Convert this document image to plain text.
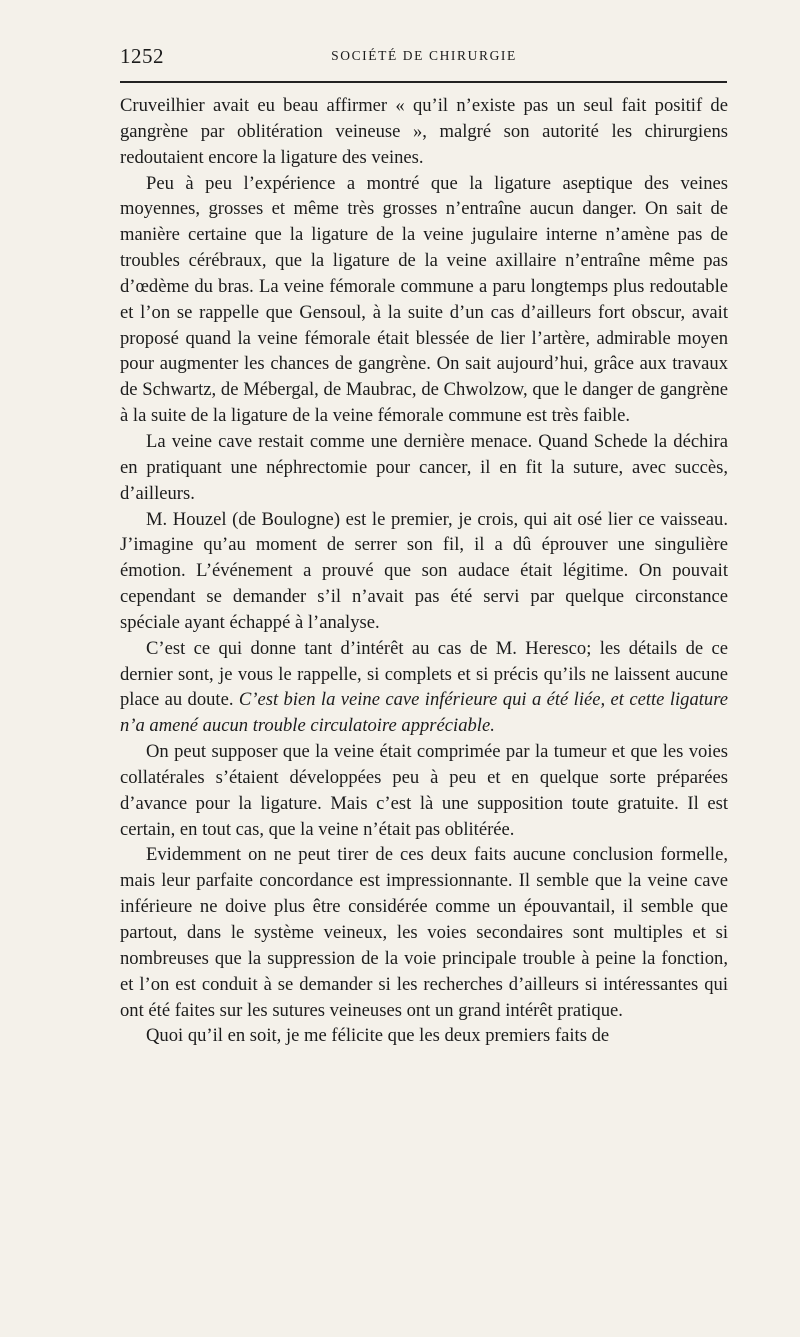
1252	SOCIÉTÉ DE CHIRURGIE

Cruveilhier avait eu beau affirmer « qu’il n’existe pas un seul fait positif de gangrène par oblitération veineuse », malgré son autorité les chirurgiens redoutaient encore la ligature des veines.

Peu à peu l’expérience a montré que la ligature aseptique des veines moyennes, grosses et même très grosses n’entraîne aucun danger. On sait de manière certaine que la ligature de la veine jugulaire interne n’amène pas de troubles cérébraux, que la ligature de la veine axillaire n’entraîne même pas d’œdème du bras. La veine fémorale commune a paru longtemps plus redoutable et l’on se rappelle que Gensoul, à la suite d’un cas d’ailleurs fort obscur, avait proposé quand la veine fémorale était blessée de lier l’artère, admirable moyen pour augmenter les chances de gangrène. On sait aujourd’hui, grâce aux travaux de Schwartz, de Mébergal, de Maubrac, de Chwolzow, que le danger de gangrène à la suite de la ligature de la veine fémorale commune est très faible.

La veine cave restait comme une dernière menace. Quand Schede la déchira en pratiquant une néphrectomie pour cancer, il en fit la suture, avec succès, d’ailleurs.

M. Houzel (de Boulogne) est le premier, je crois, qui ait osé lier ce vaisseau. J’imagine qu’au moment de serrer son fil, il a dû éprouver une singulière émotion. L’événement a prouvé que son audace était légitime. On pouvait cependant se demander s’il n’avait pas été servi par quelque circonstance spéciale ayant échappé à l’analyse.

C’est ce qui donne tant d’intérêt au cas de M. Heresco; les détails de ce dernier sont, je vous le rappelle, si complets et si précis qu’ils ne laissent aucune place au doute. C’est bien la veine cave inférieure qui a été liée, et cette ligature n’a amené aucun trouble circulatoire appréciable.

On peut supposer que la veine était comprimée par la tumeur et que les voies collatérales s’étaient développées peu à peu et en quelque sorte préparées d’avance pour la ligature. Mais c’est là une supposition toute gratuite. Il est certain, en tout cas, que la veine n’était pas oblitérée.

Evidemment on ne peut tirer de ces deux faits aucune conclusion formelle, mais leur parfaite concordance est impressionnante. Il semble que la veine cave inférieure ne doive plus être considérée comme un épouvantail, il semble que partout, dans le système veineux, les voies secondaires sont multiples et si nombreuses que la suppression de la voie principale trouble à peine la fonction, et l’on est conduit à se demander si les recherches d’ailleurs si intéressantes qui ont été faites sur les sutures veineuses ont un grand intérêt pratique.

Quoi qu’il en soit, je me félicite que les deux premiers faits de
